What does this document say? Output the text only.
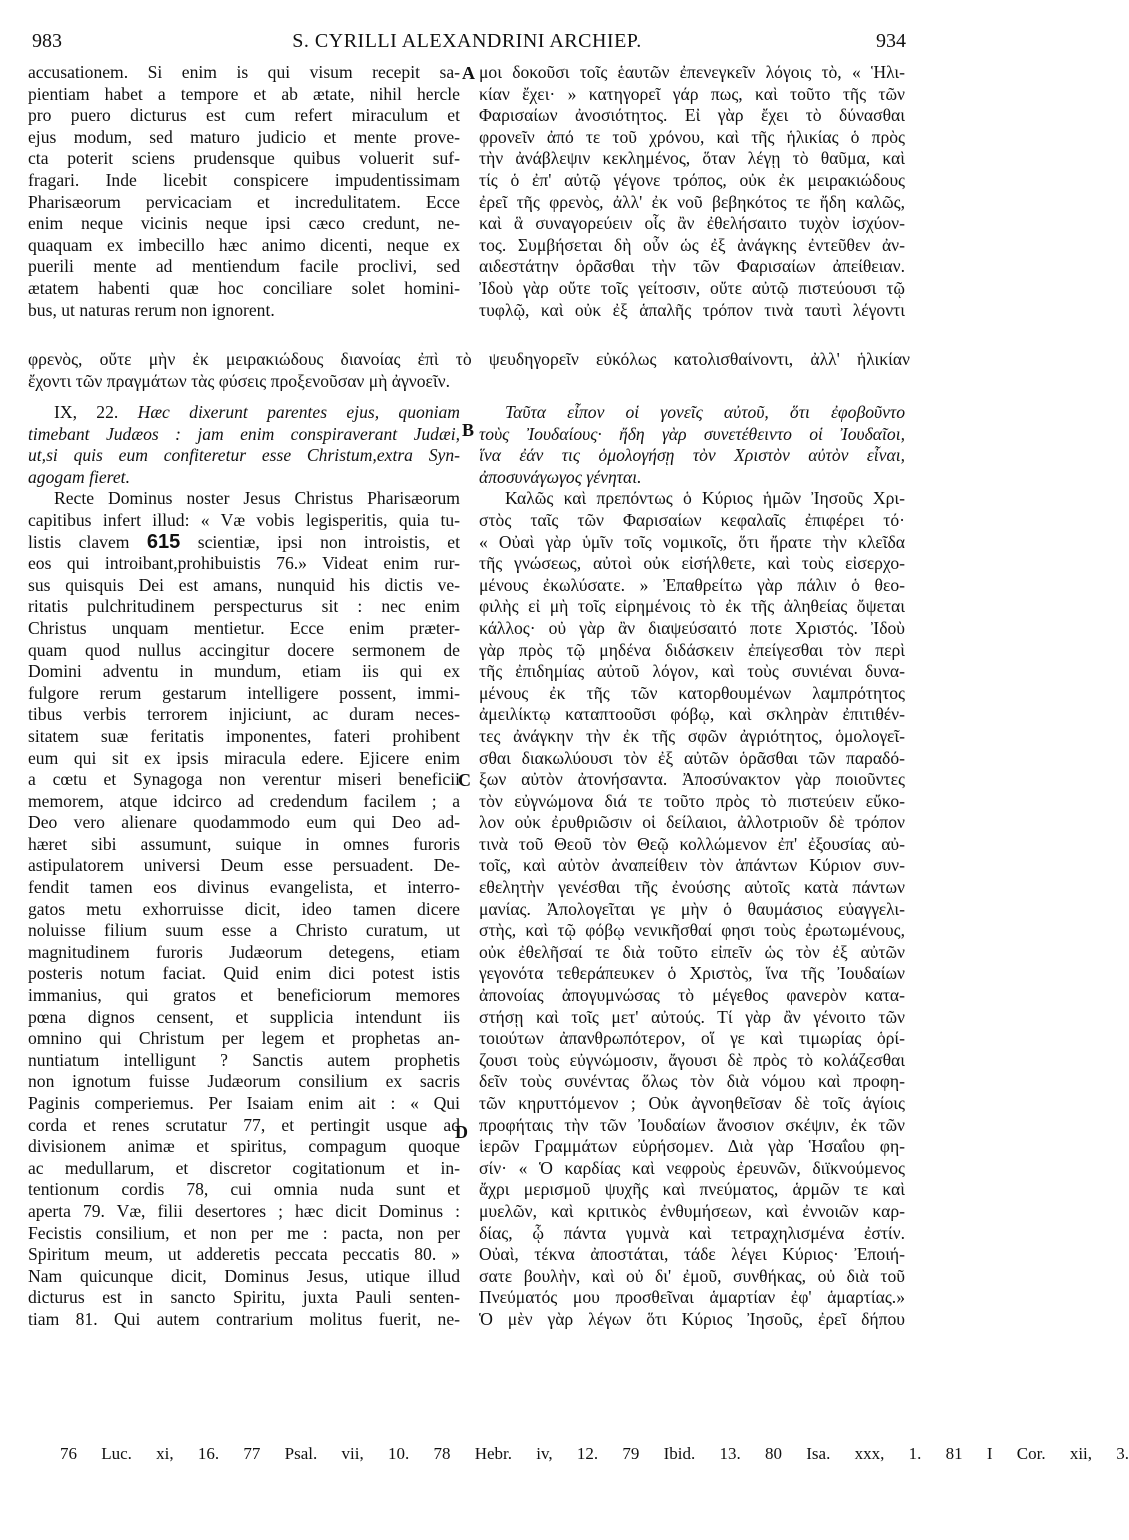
983	S. CYRILLI ALEXANDRINI ARCHIEP.	934
accusationem. Si enim is qui visum recepit sa-
pientiam habet a tempore et ab ætate, nihil hercle
pro puero dicturus est cum refert miraculum et
ejus modum, sed maturo judicio et mente prove-
cta poterit sciens prudensque quibus voluerit suf-
fragari. Inde licebit conspicere impudentissimam
Pharisæorum pervicaciam et incredulitatem. Ecce
enim neque vicinis neque ipsi cæco credunt, ne-
quaquam ex imbecillo hæc animo dicenti, neque ex
puerili mente ad mentiendum facile proclivi, sed
ætatem habenti quæ hoc conciliare solet homini-
bus, ut naturas rerum non ignorent.
A μοι δοκοῦσι τοῖς ἑαυτῶν ἐπενεγκεῖν λόγοις τὸ, « Ἡλι-
κίαν ἔχει· » κατηγορεῖ γάρ πως, καὶ τοῦτο τῆς τῶν
Φαρισαίων ἀνοσιότητος. Εἰ γὰρ ἔχει τὸ δύνασθαι
φρονεῖν ἀπό τε τοῦ χρόνου, καὶ τῆς ἡλικίας ὁ πρὸς
τὴν ἀνάβλεψιν κεκλημένος, ὅταν λέγῃ τὸ θαῦμα, καὶ
τίς ὁ ἐπ' αὐτῷ γέγονε τρόπος, οὐκ ἐκ μειρακιώδους
ἐρεῖ τῆς φρενὸς, ἀλλ' ἐκ νοῦ βεβηκότος τε ἤδη καλῶς,
καὶ ἃ συναγορεύειν οἷς ἂν ἐθελήσαιτο τυχὸν ἰσχύον-
τος. Συμβήσεται δὴ οὖν ὡς ἐξ ἀνάγκης ἐντεῦθεν ἀν-
αιδεστάτην ὁρᾶσθαι τὴν τῶν Φαρισαίων ἀπείθειαν.
Ἰδοὺ γὰρ οὔτε τοῖς γείτοσιν, οὔτε αὐτῷ πιστεύουσι τῷ
τυφλῷ, καὶ οὐκ ἐξ ἁπαλῆς τρόπον τινὰ ταυτὶ λέγοντι
φρενὸς, οὔτε μὴν ἐκ μειρακιώδους διανοίας ἐπὶ τὸ ψευδηγορεῖν εὐκόλως κατολισθαίνοντι, ἀλλ' ἡλικίαν
ἔχοντι τῶν πραγμάτων τὰς φύσεις προξενοῦσαν μὴ ἀγνοεῖν.
IX, 22. Hæc dixerunt parentes ejus, quoniam
timebant Judæos : jam enim conspiraverant Judæi,
ut,si quis eum confiteretur esse Christum,extra Syn-
agogam fieret.
Recte Dominus noster Jesus Christus Pharisæorum
capitibus infert illud: « Væ vobis legisperitis, quia tu-
listis clavem 615 scientiæ, ipsi non introistis, et
eos qui introibant,prohibuistis 76.» Videat enim rur-
sus quisquis Dei est amans, nunquid his dictis ve-
ritatis pulchritudinem perspecturus sit : nec enim
Christus unquam mentietur. Ecce enim præter-
quam quod nullus accingitur docere sermonem de
Domini adventu in mundum, etiam iis qui ex
fulgore rerum gestarum intelligere possent, immi-
tibus verbis terrorem injiciunt, ac duram neces-
sitatem suæ feritatis imponentes, fateri prohibent
eum qui sit ex ipsis miracula edere. Ejicere enim
a cœtu et Synagoga non verentur miseri beneficii
memorem, atque idcirco ad credendum facilem ; a
Deo vero alienare quodammodo eum qui Deo ad-
hæret sibi assumunt, suique in omnes furoris
astipulatorem universi Deum esse persuadent. De-
fendit tamen eos divinus evangelista, et interro-
gatos metu exhorruisse dicit, ideo tamen dicere
noluisse filium suum esse a Christo curatum, ut
magnitudinem furoris Judæorum detegens, etiam
posteris notum faciat. Quid enim dici potest istis
immanius, qui gratos et beneficiorum memores
pœna dignos censent, et supplicia intendunt iis
omnino qui Christum per legem et prophetas an-
nuntiatum intelligunt ? Sanctis autem prophetis
non ignotum fuisse Judæorum consilium ex sacris
Paginis comperiemus. Per Isaiam enim ait : « Qui
corda et renes scrutatur 77, et pertingit usque ad
divisionem animæ et spiritus, compagum quoque
ac medullarum, et discretor cogitationum et in-
tentionum cordis 78, cui omnia nuda sunt et
aperta 79. Væ, filii desertores ; hæc dicit Dominus :
Fecistis consilium, et non per me : pacta, non per
Spiritum meum, ut adderetis peccata peccatis 80. »
Nam quicunque dicit, Dominus Jesus, utique illud
dicturus est in sancto Spiritu, juxta Pauli senten-
tiam 81. Qui autem contrarium molitus fuerit, ne-
B
C
D
Ταῦτα εἶπον οἱ γονεῖς αὐτοῦ, ὅτι ἐφοβοῦντο
τοὺς Ἰουδαίους· ἤδη γὰρ συνετέθειντο οἱ Ἰουδαῖοι,
ἵνα ἐάν τις ὁμολογήσῃ τὸν Χριστὸν αὐτὸν εἶναι,
ἀποσυνάγωγος γένηται.
Καλῶς καὶ πρεπόντως ὁ Κύριος ἡμῶν Ἰησοῦς Χρι-
στὸς ταῖς τῶν Φαρισαίων κεφαλαῖς ἐπιφέρει τό·
« Οὐαὶ γὰρ ὑμῖν τοῖς νομικοῖς, ὅτι ἤρατε τὴν κλεῖδα
τῆς γνώσεως, αὐτοὶ οὐκ εἰσήλθετε, καὶ τοὺς εἰσερχο-
μένους ἐκωλύσατε. » Ἐπαθρείτω γὰρ πάλιν ὁ θεο-
φιλὴς εἰ μὴ τοῖς εἰρημένοις τὸ ἐκ τῆς ἀληθείας ὄψεται
κάλλος· οὐ γὰρ ἂν διαψεύσαιτό ποτε Χριστός. Ἰδοὺ
γὰρ πρὸς τῷ μηδένα διδάσκειν ἐπείγεσθαι τὸν περὶ
τῆς ἐπιδημίας αὐτοῦ λόγον, καὶ τοὺς συνιέναι δυνα-
μένους ἐκ τῆς τῶν κατορθουμένων λαμπρότητος
ἀμειλίκτῳ καταπτοοῦσι φόβῳ, καὶ σκληρὰν ἐπιτιθέν-
τες ἀνάγκην τὴν ἐκ τῆς σφῶν ἀγριότητος, ὁμολογεῖ-
σθαι διακωλύουσι τὸν ἐξ αὐτῶν ὁρᾶσθαι τῶν παραδό-
ξων αὐτὸν ἀτονήσαντα. Ἀποσύνακτον γὰρ ποιοῦντες
τὸν εὐγνώμονα διά τε τοῦτο πρὸς τὸ πιστεύειν εὔκο-
λον οὐκ ἐρυθριῶσιν οἱ δείλαιοι, ἀλλοτριοῦν δὲ τρόπον
τινὰ τοῦ Θεοῦ τὸν Θεῷ κολλώμενον ἐπ' ἐξουσίας αὐ-
τοῖς, καὶ αὐτὸν ἀναπείθειν τὸν ἁπάντων Κύριον συν-
εθελητὴν γενέσθαι τῆς ἐνούσης αὐτοῖς κατὰ πάντων
μανίας. Ἀπολογεῖται γε μὴν ὁ θαυμάσιος εὐαγγελι-
στὴς, καὶ τῷ φόβῳ νενικῆσθαί φησι τοὺς ἐρωτωμένους,
οὐκ ἐθελῆσαί τε διὰ τοῦτο εἰπεῖν ὡς τὸν ἐξ αὐτῶν
γεγονότα τεθεράπευκεν ὁ Χριστὸς, ἵνα τῆς Ἰουδαίων
ἀπονοίας ἀπογυμνώσας τὸ μέγεθος φανερὸν κατα-
στήσῃ καὶ τοῖς μετ' αὐτούς. Τί γὰρ ἂν γένοιτο τῶν
τοιούτων ἀπανθρωπότερον, οἵ γε καὶ τιμωρίας ὁρί-
ζουσι τοὺς εὐγνώμοσιν, ἄγουσι δὲ πρὸς τὸ κολάζεσθαι
δεῖν τοὺς συνέντας ὅλως τὸν διὰ νόμου καὶ προφη-
τῶν κηρυττόμενον ; Οὐκ ἀγνοηθεῖσαν δὲ τοῖς ἁγίοις
προφήταις τὴν τῶν Ἰουδαίων ἄνοσιον σκέψιν, ἐκ τῶν
ἱερῶν Γραμμάτων εὑρήσομεν. Διὰ γὰρ Ἡσαΐου φη-
σίν· « Ὁ καρδίας καὶ νεφροὺς ἐρευνῶν, διϊκνούμενος
ἄχρι μερισμοῦ ψυχῆς καὶ πνεύματος, ἁρμῶν τε καὶ
μυελῶν, καὶ κριτικὸς ἐνθυμήσεων, καὶ ἐννοιῶν καρ-
δίας, ᾧ πάντα γυμνὰ καὶ τετραχηλισμένα ἐστίν.
Οὐαὶ, τέκνα ἀποστάται, τάδε λέγει Κύριος· Ἐποιή-
σατε βουλὴν, καὶ οὐ δι' ἐμοῦ, συνθήκας, οὐ διὰ τοῦ
Πνεύματός μου προσθεῖναι ἁμαρτίαν ἐφ' ἁμαρτίας.»
Ὁ μὲν γὰρ λέγων ὅτι Κύριος Ἰησοῦς, ἐρεῖ δήπου
76 Luc. xi, 16. 77 Psal. vii, 10. 78 Hebr. iv, 12. 79 Ibid. 13. 80 Isa. xxx, 1. 81 I Cor. xii, 3.
